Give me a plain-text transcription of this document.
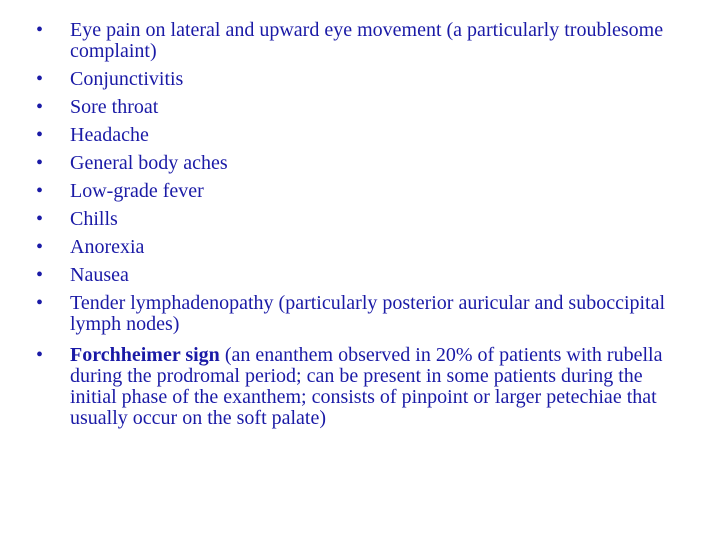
• Eye pain on lateral and upward eye movement (a particularly troublesome complaint)
• Conjunctivitis
• Sore throat
• Headache
• General body aches
• Low-grade fever
• Chills
• Anorexia
• Nausea
• Tender lymphadenopathy (particularly posterior auricular and suboccipital lymph nodes)
• Forchheimer sign (an enanthem observed in 20% of patients with rubella during the prodromal period; can be present in some patients during the initial phase of the exanthem; consists of pinpoint or larger petechiae that usually occur on the soft palate)
